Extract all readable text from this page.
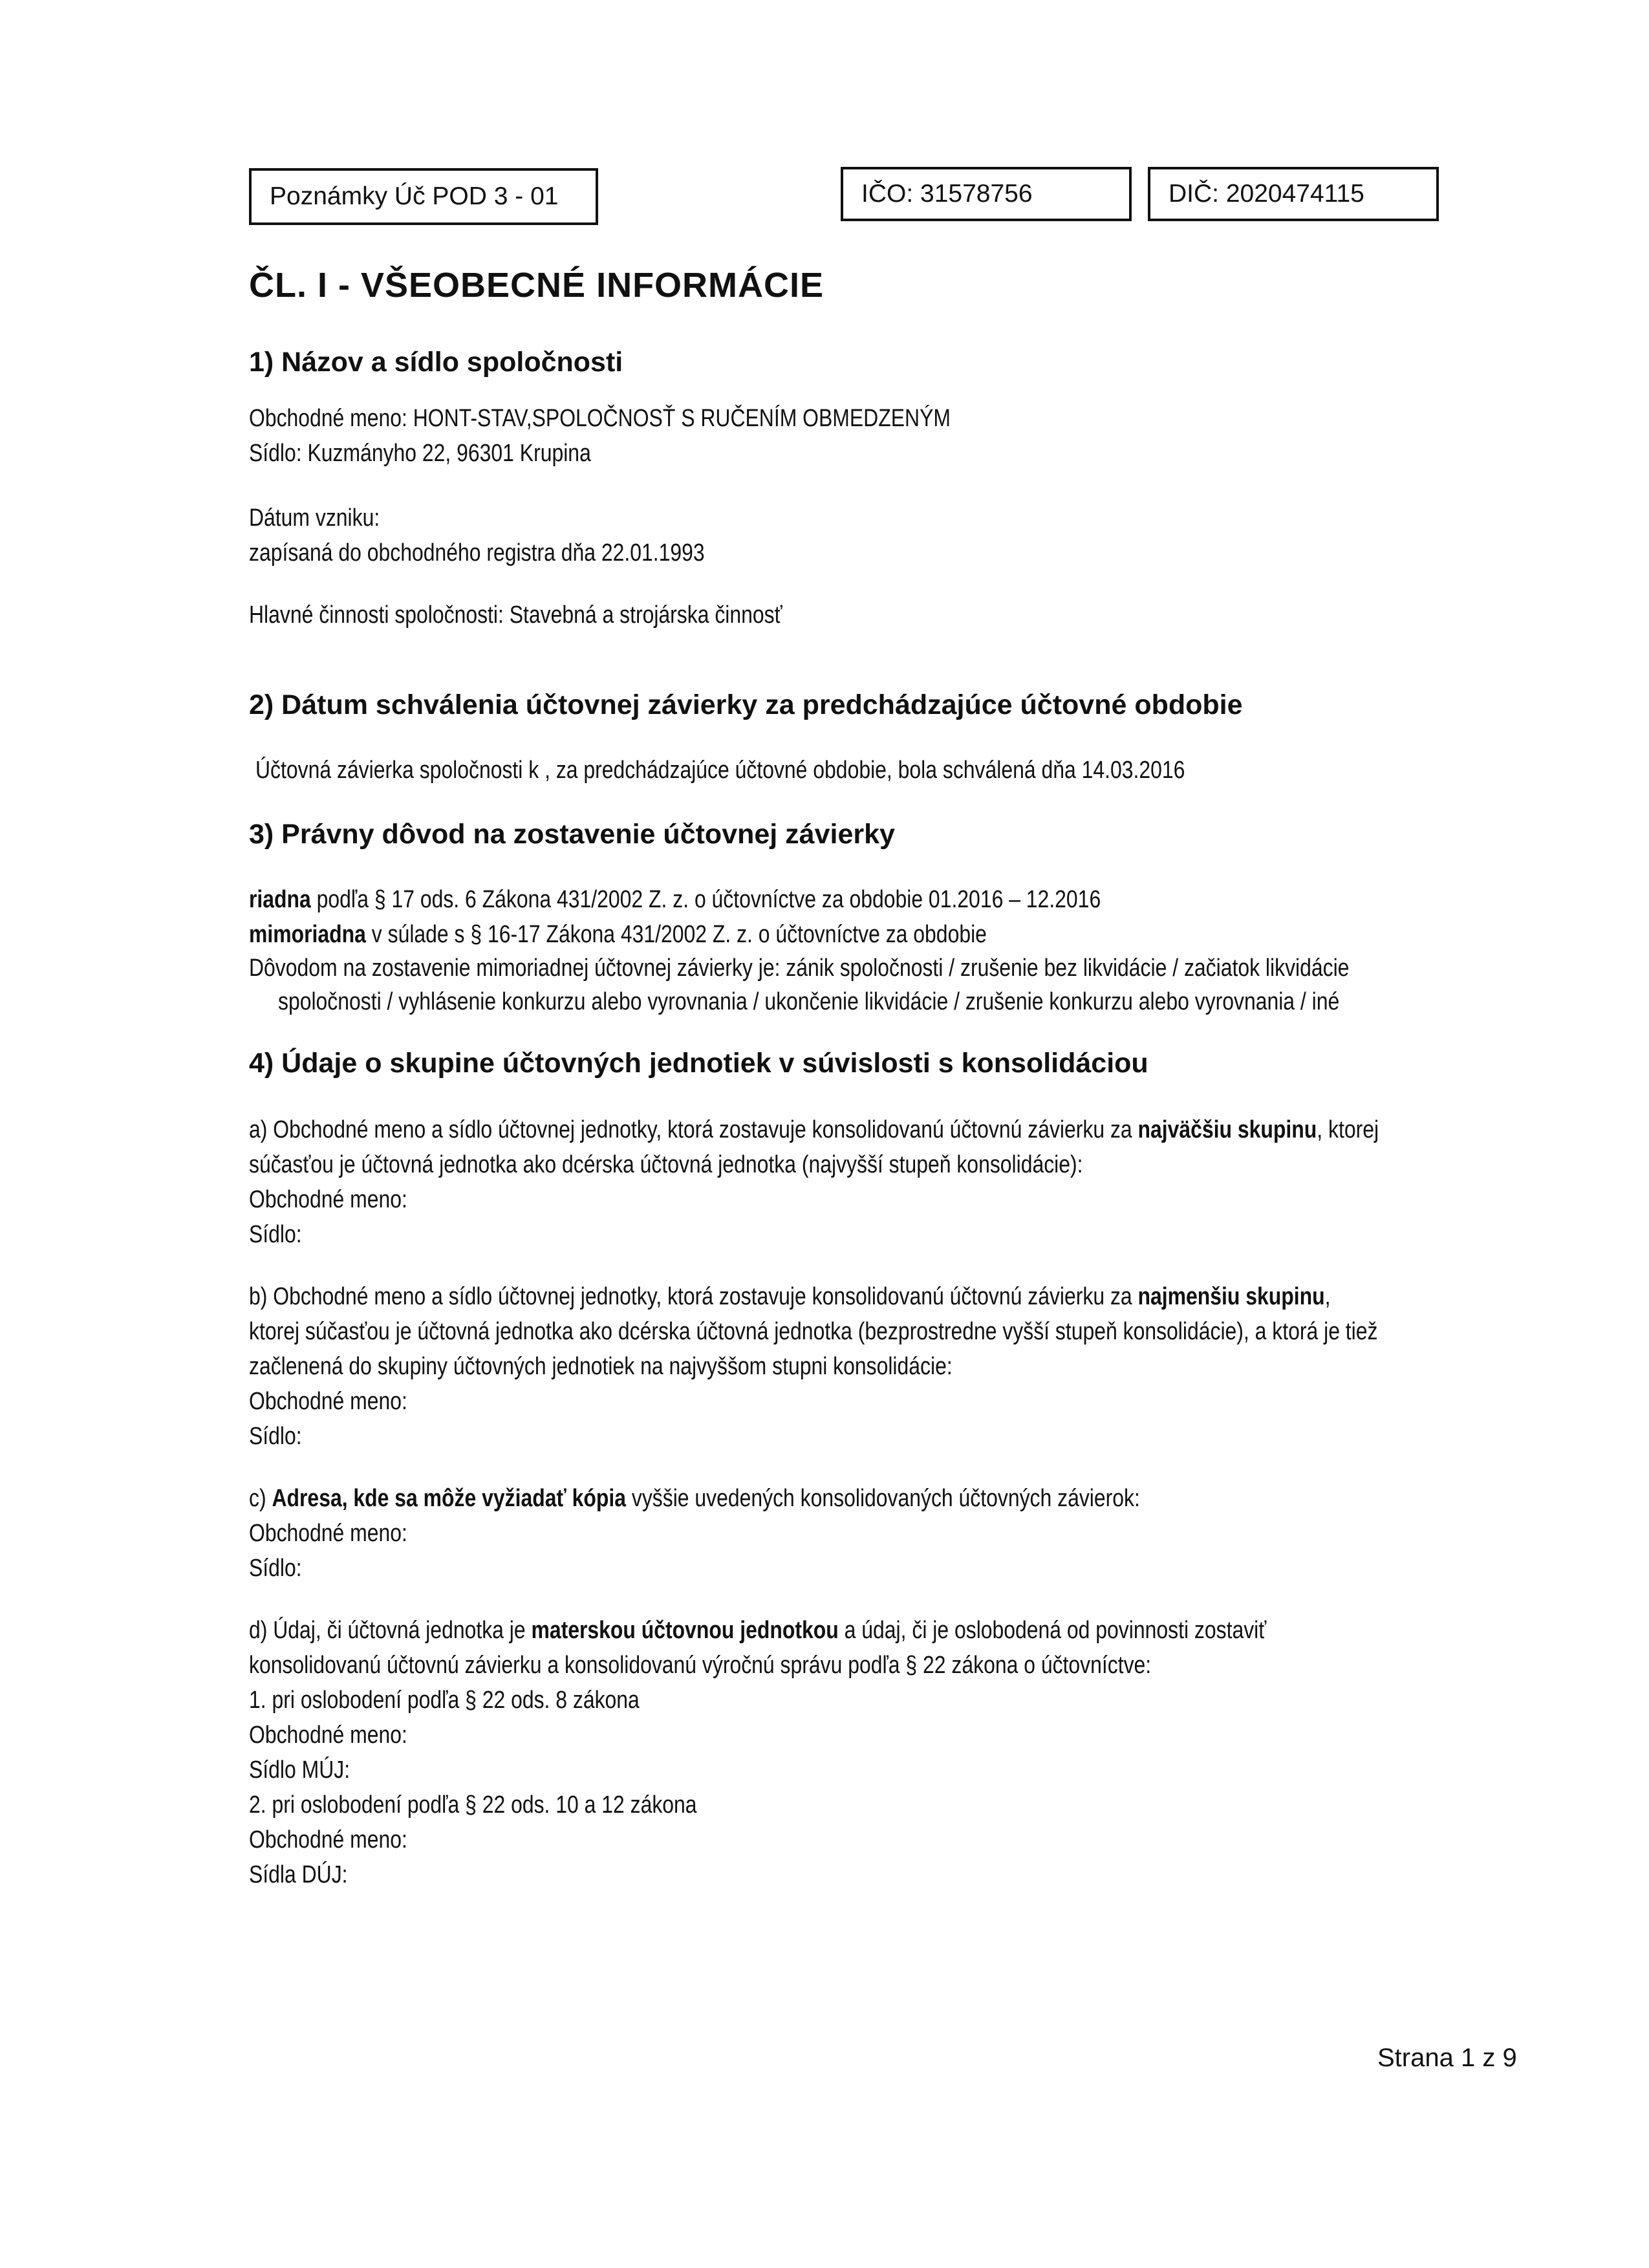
Poznámky Úč POD 3 - 01	IČO: 31578756	DIČ: 2020474115
ČL. I - VŠEOBECNÉ INFORMÁCIE
1) Názov a sídlo spoločnosti
Obchodné meno: HONT-STAV,SPOLOČNOSŤ S RUČENÍM OBMEDZENÝM
Sídlo: Kuzmányho 22, 96301 Krupina
Dátum vzniku:
zapísaná do obchodného registra dňa 22.01.1993
Hlavné činnosti spoločnosti: Stavebná a strojárska činnosť
2) Dátum schválenia účtovnej závierky za predchádzajúce účtovné obdobie
Účtovná závierka spoločnosti k , za predchádzajúce účtovné obdobie, bola schválená dňa 14.03.2016
3) Právny dôvod na zostavenie účtovnej závierky
riadna podľa § 17 ods. 6 Zákona 431/2002 Z. z. o účtovníctve za obdobie 01.2016 – 12.2016
mimoriadna v súlade s § 16-17 Zákona 431/2002 Z. z. o účtovníctve za obdobie
Dôvodom na zostavenie mimoriadnej účtovnej závierky je: zánik spoločnosti / zrušenie bez likvidácie / začiatok likvidácie
spoločnosti / vyhlásenie konkurzu alebo vyrovnania / ukončenie likvidácie / zrušenie konkurzu alebo vyrovnania / iné
4) Údaje o skupine účtovných jednotiek v súvislosti s konsolidáciou
a) Obchodné meno a sídlo účtovnej jednotky, ktorá zostavuje konsolidovanú účtovnú závierku za najväčšiu skupinu, ktorej
súčasťou je účtovná jednotka ako dcérska účtovná jednotka (najvyšší stupeň konsolidácie):
Obchodné meno:
Sídlo:
b) Obchodné meno a sídlo účtovnej jednotky, ktorá zostavuje konsolidovanú účtovnú závierku za najmenšiu skupinu,
ktorej súčasťou je účtovná jednotka ako dcérska účtovná jednotka (bezprostredne vyšší stupeň konsolidácie), a ktorá je tiež
začlenená do skupiny účtovných jednotiek na najvyššom stupni konsolidácie:
Obchodné meno:
Sídlo:
c) Adresa, kde sa môže vyžiadať kópia vyššie uvedených konsolidovaných účtovných závierok:
Obchodné meno:
Sídlo:
d) Údaj, či účtovná jednotka je materskou účtovnou jednotkou a údaj, či je oslobodená od povinnosti zostaviť
konsolidovanú účtovnú závierku a konsolidovanú výročnú správu podľa § 22 zákona o účtovníctve:
1. pri oslobodení podľa § 22 ods. 8 zákona
Obchodné meno:
Sídlo MÚJ:
2. pri oslobodení podľa § 22 ods. 10 a 12 zákona
Obchodné meno:
Sídla DÚJ:
Strana 1 z 9
